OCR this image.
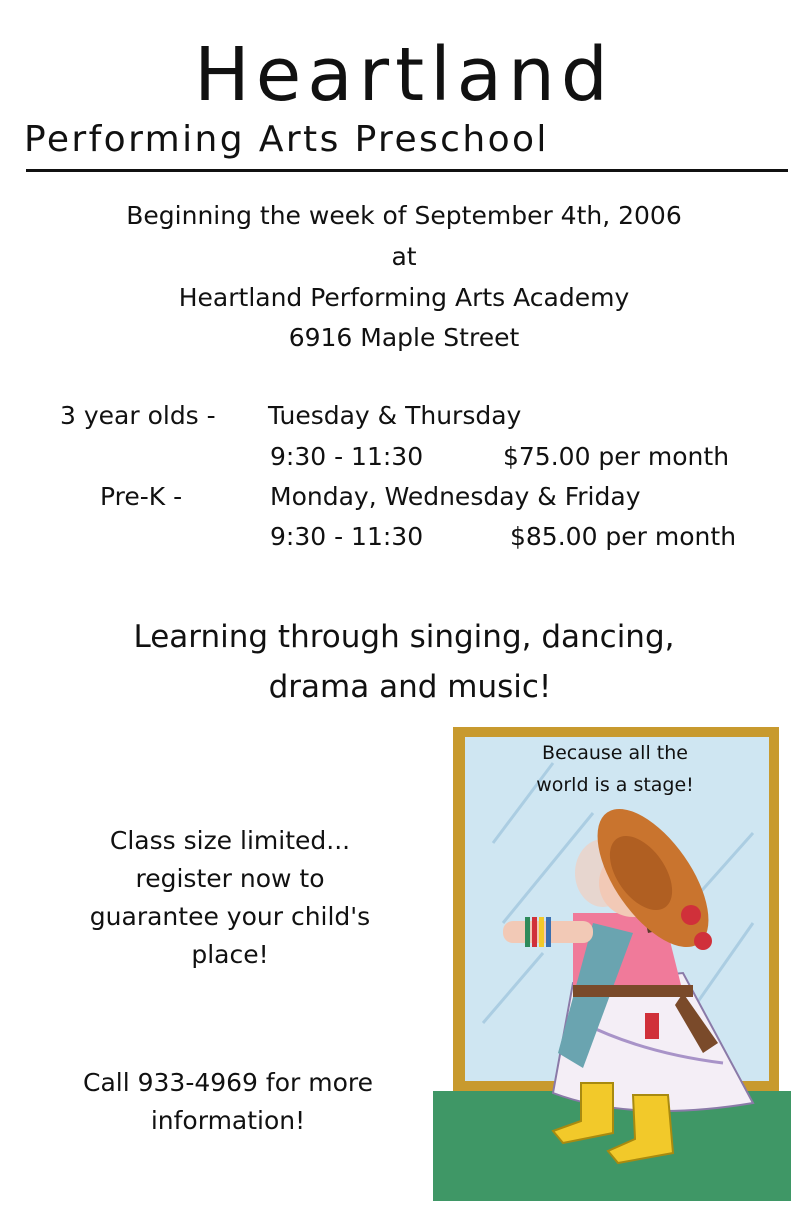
Heartland
Performing Arts Preschool
Beginning the week of September 4th, 2006
at
Heartland Performing Arts Academy
6916 Maple Street
3 year olds - Tuesday & Thursday
9:30 - 11:30	$75.00 per month
Pre-K -	Monday, Wednesday & Friday
9:30 - 11:30	$85.00 per month
Learning through singing, dancing,
drama and music!
Class size limited...
register now to
guarantee your child's
place!
Call 933-4969 for more
information!
Because all the
world is a stage!
